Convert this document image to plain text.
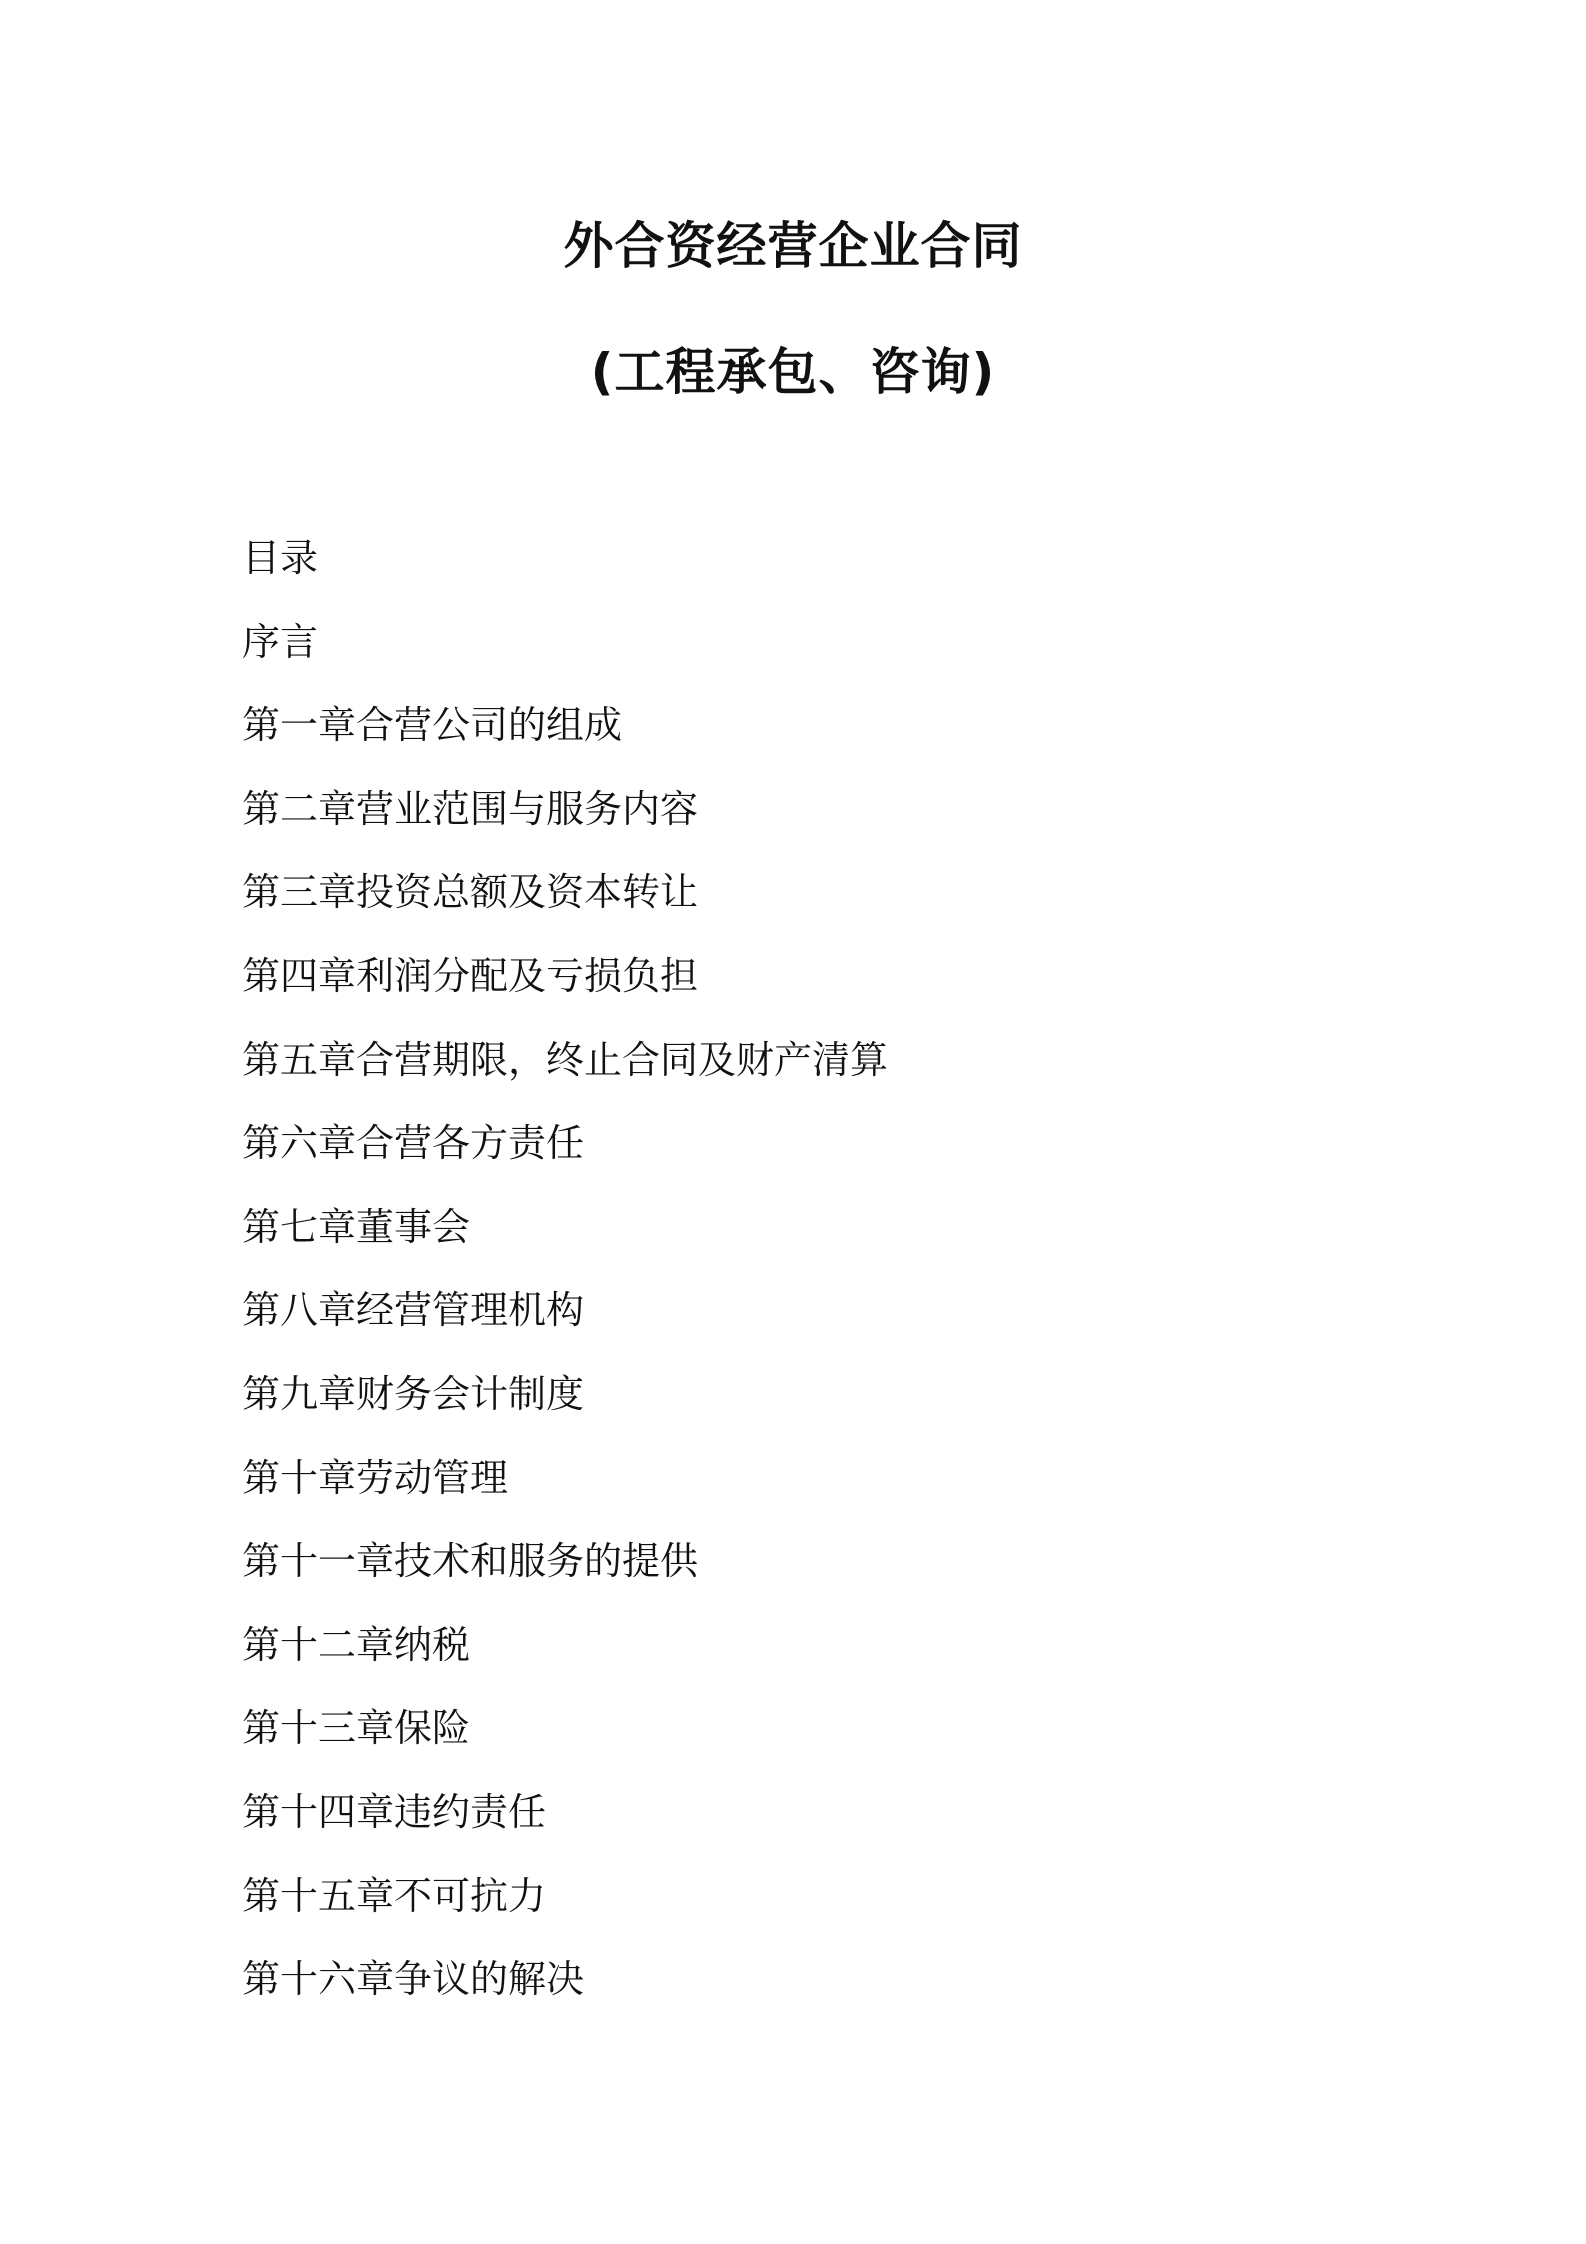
外合资经营企业合同
(工程承包、咨询)
目录
序言
第一章合营公司的组成
第二章营业范围与服务内容
第三章投资总额及资本转让
第四章利润分配及亏损负担
第五章合营期限，终止合同及财产清算
第六章合营各方责任
第七章董事会
第八章经营管理机构
第九章财务会计制度
第十章劳动管理
第十一章技术和服务的提供
第十二章纳税
第十三章保险
第十四章违约责任
第十五章不可抗力
第十六章争议的解决
